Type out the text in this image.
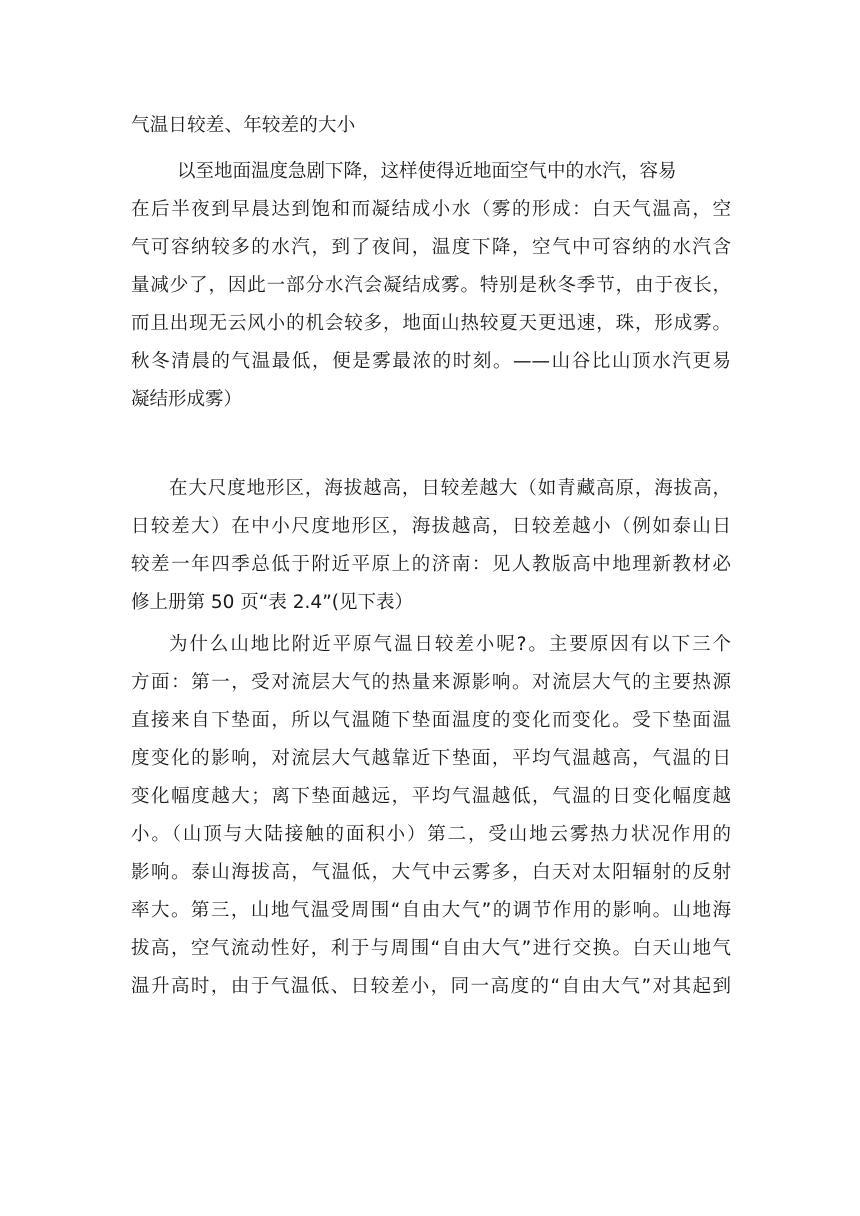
气温日较差、年较差的大小
以至地面温度急剧下降，这样使得近地面空气中的水汽，容易
在后半夜到早晨达到饱和而凝结成小水（雾的形成：白天气温高，空
气可容纳较多的水汽，到了夜间，温度下降，空气中可容纳的水汽含
量减少了，因此一部分水汽会凝结成雾。特别是秋冬季节，由于夜长，
而且出现无云风小的机会较多，地面山热较夏天更迅速，珠，形成雾。
秋冬清晨的气温最低，便是雾最浓的时刻。——山谷比山顶水汽更易
凝结形成雾）
在大尺度地形区，海拔越高，日较差越大（如青藏高原，海拔高，
日较差大）在中小尺度地形区，海拔越高，日较差越小（例如泰山日
较差一年四季总低于附近平原上的济南：见人教版高中地理新教材必
修上册第 50 页“表 2.4”(见下表）
为什么山地比附近平原气温日较差小呢?。主要原因有以下三个
方面：第一，受对流层大气的热量来源影响。对流层大气的主要热源
直接来自下垫面，所以气温随下垫面温度的变化而变化。受下垫面温
度变化的影响，对流层大气越靠近下垫面，平均气温越高，气温的日
变化幅度越大；离下垫面越远，平均气温越低，气温的日变化幅度越
小。（山顶与大陆接触的面积小）第二，受山地云雾热力状况作用的
影响。泰山海拔高，气温低，大气中云雾多，白天对太阳辐射的反射
率大。第三，山地气温受周围“自由大气”的调节作用的影响。山地海
拔高，空气流动性好，利于与周围“自由大气”进行交换。白天山地气
温升高时，由于气温低、日较差小，同一高度的“自由大气”对其起到
